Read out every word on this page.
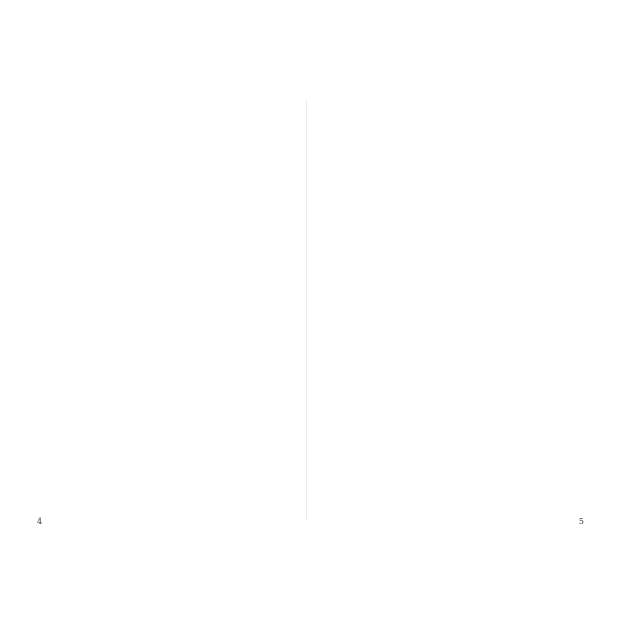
4	5
